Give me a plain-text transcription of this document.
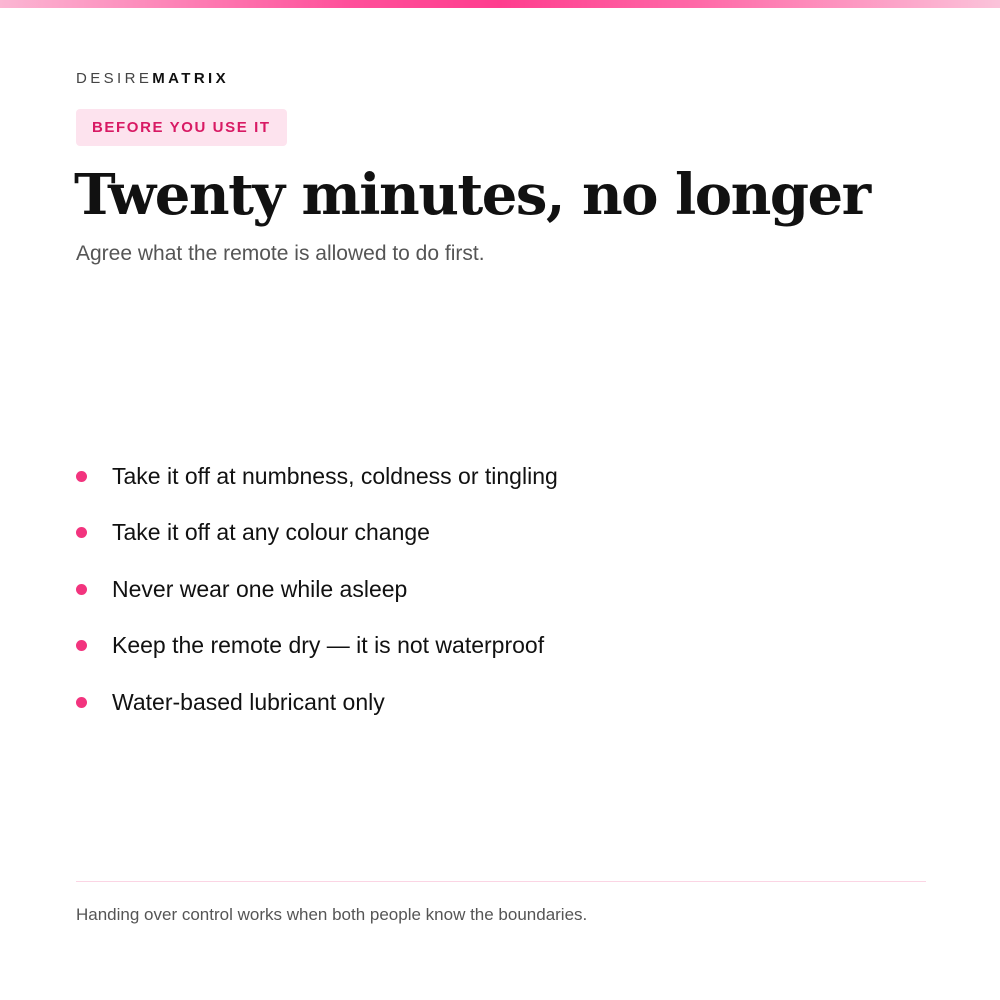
DESIREMATRIX
BEFORE YOU USE IT
Twenty minutes, no longer

Agree what the remote is allowed to do first.

Take it off at numbness, coldness or tingling
Take it off at any colour change
Never wear one while asleep
Keep the remote dry — it is not waterproof
Water-based lubricant only

Handing over control works when both people know the boundaries.
